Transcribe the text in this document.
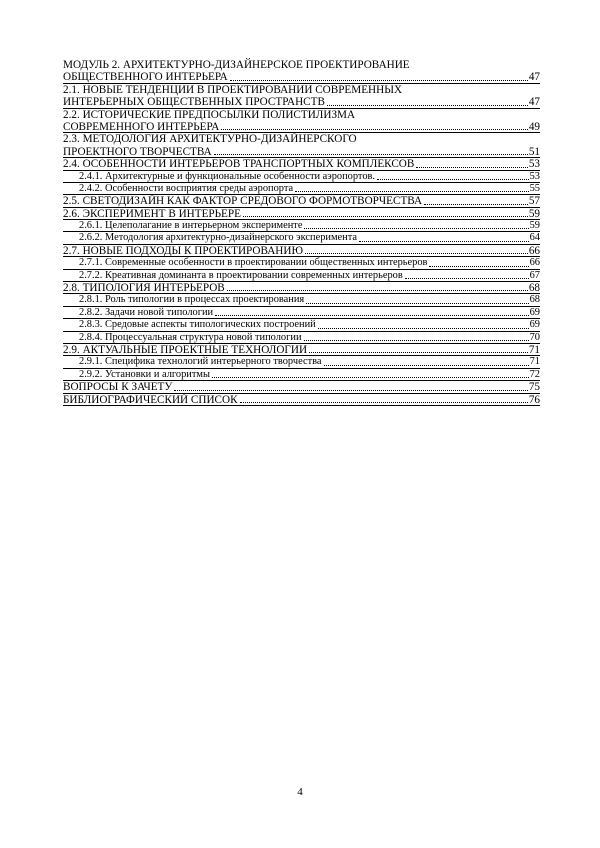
МОДУЛЬ 2. АРХИТЕКТУРНО-ДИЗАЙНЕРСКОЕ ПРОЕКТИРОВАНИЕ
ОБЩЕСТВЕННОГО ИНТЕРЬЕРА	47
2.1. НОВЫЕ ТЕНДЕНЦИИ В ПРОЕКТИРОВАНИИ СОВРЕМЕННЫХ
ИНТЕРЬЕРНЫХ ОБЩЕСТВЕННЫХ ПРОСТРАНСТВ	47
2.2. ИСТОРИЧЕСКИЕ ПРЕДПОСЫЛКИ ПОЛИСТИЛИЗМА
СОВРЕМЕННОГО ИНТЕРЬЕРА	49
2.3. МЕТОДОЛОГИЯ АРХИТЕКТУРНО-ДИЗАЙНЕРСКОГО
ПРОЕКТНОГО ТВОРЧЕСТВА	51
2.4. ОСОБЕННОСТИ ИНТЕРЬЕРОВ ТРАНСПОРТНЫХ КОМПЛЕКСОВ	53
2.4.1. Архитектурные и функциональные особенности аэропортов.	53
2.4.2. Особенности восприятия среды аэропорта	55
2.5. СВЕТОДИЗАЙН КАК ФАКТОР СРЕДОВОГО ФОРМОТВОРЧЕСТВА	57
2.6. ЭКСПЕРИМЕНТ В ИНТЕРЬЕРЕ	59
2.6.1. Целеполагание в интерьерном эксперименте	59
2.6.2. Методология архитектурно-дизайнерского эксперимента	64
2.7. НОВЫЕ ПОДХОДЫ К ПРОЕКТИРОВАНИЮ	66
2.7.1. Современные особенности в проектировании общественных интерьеров	66
2.7.2. Креативная доминанта в проектировании современных интерьеров	67
2.8. ТИПОЛОГИЯ ИНТЕРЬЕРОВ	68
2.8.1. Роль типологии в процессах проектирования	68
2.8.2. Задачи новой типологии	69
2.8.3. Средовые аспекты типологических построений	69
2.8.4. Процессуальная структура новой типологии	70
2.9. АКТУАЛЬНЫЕ ПРОЕКТНЫЕ ТЕХНОЛОГИИ	71
2.9.1. Специфика технологий интерьерного творчества	71
2.9.2. Установки и алгоритмы	72
ВОПРОСЫ К ЗАЧЕТУ	75
БИБЛИОГРАФИЧЕСКИЙ СПИСОК	76
4
